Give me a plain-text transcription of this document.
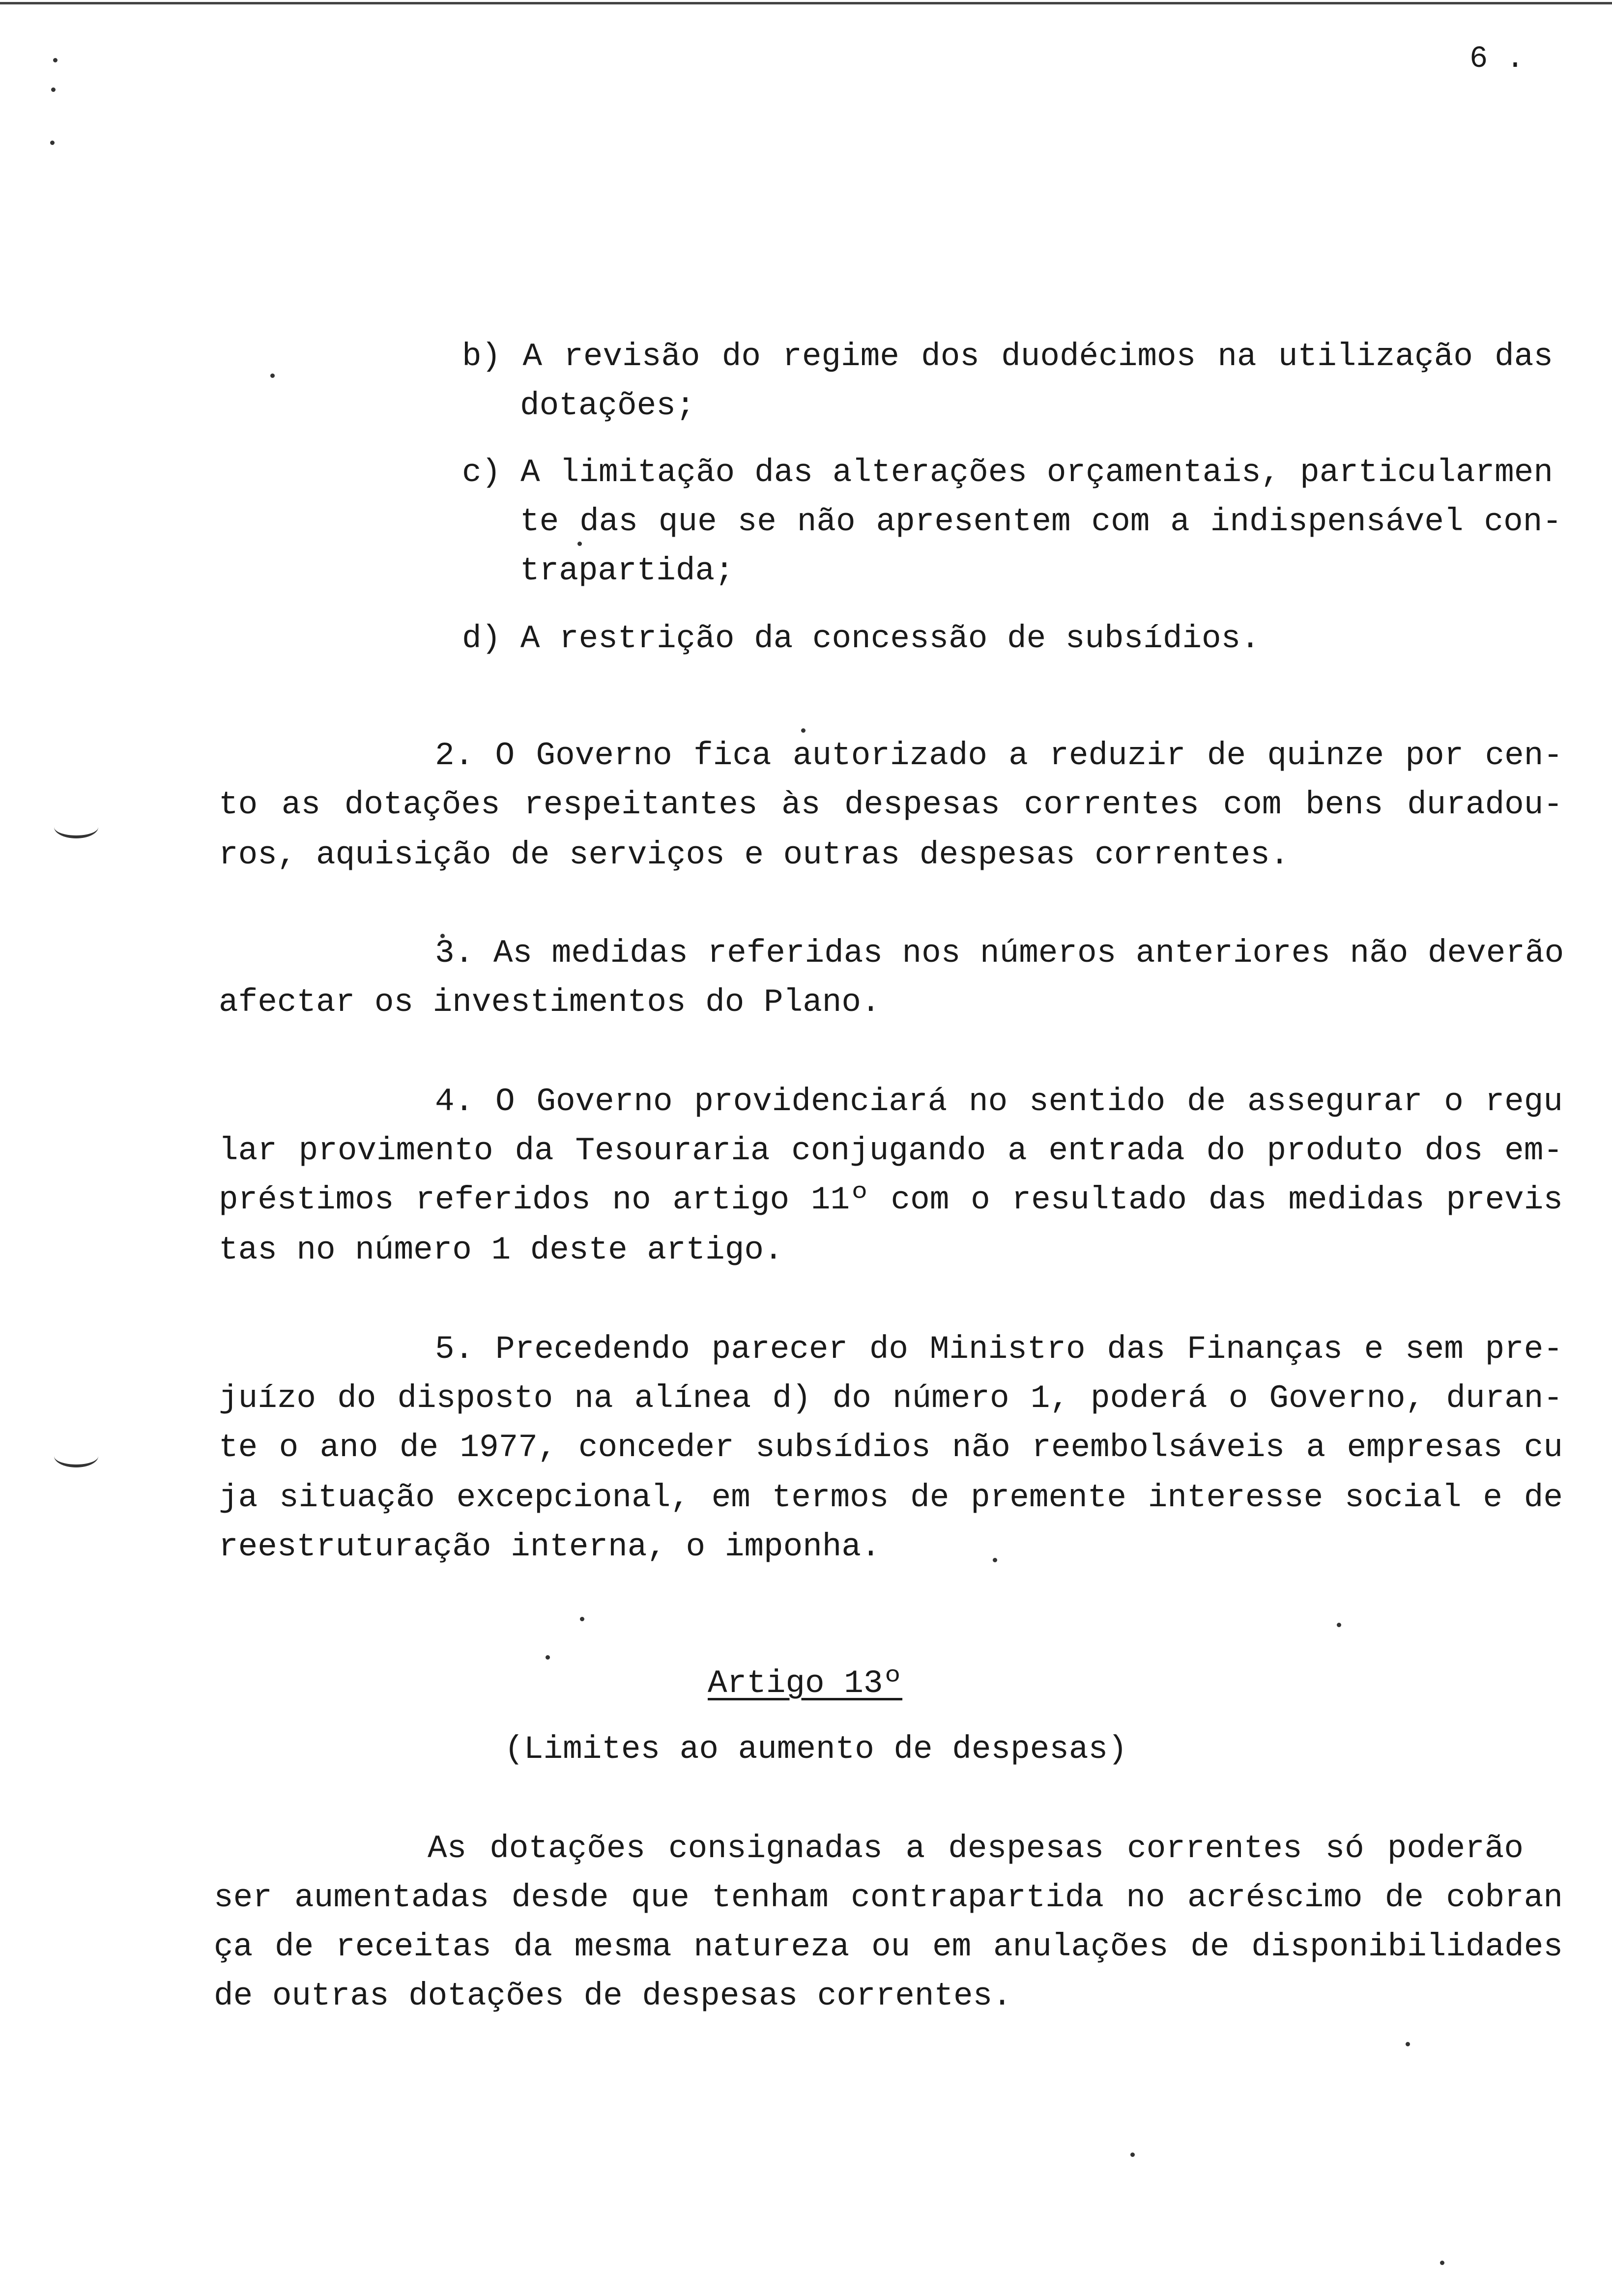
6 .
b) A revisão do regime dos duodécimos na utilização das
dotações;
c) A limitação das alterações orçamentais, particularmen
te das que se não apresentem com a indispensável con-
trapartida;
d) A restrição da concessão de subsídios.
2. O Governo fica autorizado a reduzir de quinze por cen-
to as dotações respeitantes às despesas correntes com bens duradou-
ros, aquisição de serviços e outras despesas correntes.
3. As medidas referidas nos números anteriores não deverão
afectar os investimentos do Plano.
4. O Governo providenciará no sentido de assegurar o regu
lar provimento da Tesouraria conjugando a entrada do produto dos em-
préstimos referidos no artigo 11º com o resultado das medidas previs
tas no número 1 deste artigo.
5. Precedendo parecer do Ministro das Finanças e sem pre-
juízo do disposto na alínea d) do número 1, poderá o Governo, duran-
te o ano de 1977, conceder subsídios não reembolsáveis a empresas cu
ja situação excepcional, em termos de premente interesse social e de
reestruturação interna, o imponha.
Artigo 13º
(Limites ao aumento de despesas)
As dotações consignadas a despesas correntes só poderão
ser aumentadas desde que tenham contrapartida no acréscimo de cobran
ça de receitas da mesma natureza ou em anulações de disponibilidades
de outras dotações de despesas correntes.
